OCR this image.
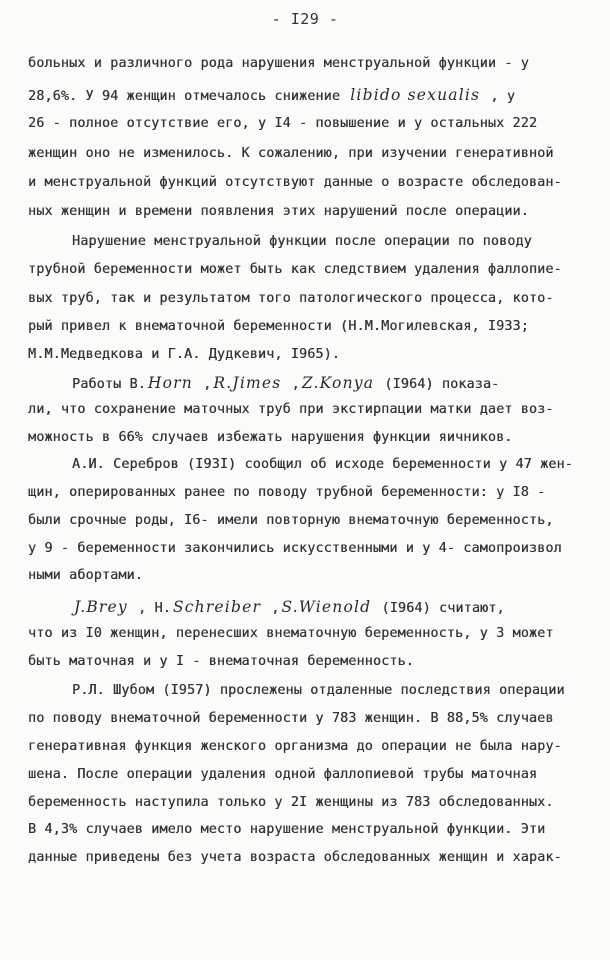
- I29 -
больных и различного рода нарушения менструальной функции - у
28,6%. У 94 женщин отмечалось снижение libido sexualis , у
26 - полное отсутствие его, у I4 - повышение и у остальных 222
женщин оно не изменилось. К сожалению, при изучении генеративной
и менструальной функций отсутствуют данные о возрасте обследован-
ных женщин и времени появления этих нарушений после операции.
Нарушение менструальной функции после операции по поводу
трубной беременности может быть как следствием удаления фаллопие-
вых труб, так и результатом того патологического процесса, кото-
рый привел к внематочной беременности (Н.М.Могилевская, I933;
М.М.Медведкова и Г.А. Дудкевич, I965).
Работы В. Horn , R.Jimes , Z.Konya (I964) показа-
ли, что сохранение маточных труб при экстирпации матки дает воз-
можность в 66% случаев избежать нарушения функции яичников.
А.И. Серебров (I93I) сообщил об исходе беременности у 47 жен-
щин, оперированных ранее по поводу трубной беременности: у I8 -
были срочные роды, I6- имели повторную внематочную беременность,
у 9 - беременности закончились искусственными и у 4- самопроизвол
ными абортами.
J.Brey , H. Schreiber , S.Wienold (I964) считают,
что из I0 женщин, перенесших внематочную беременность, у 3 может
быть маточная и у I - внематочная беременность.
Р.Л. Шубом (I957) прослежены отдаленные последствия операции
по поводу внематочной беременности у 783 женщин. В 88,5% случаев
генеративная функция женского организма до операции не была нару-
шена. После операции удаления одной фаллопиевой трубы маточная
беременность наступила только у 2I женщины из 783 обследованных.
В 4,3% случаев имело место нарушение менструальной функции. Эти
данные приведены без учета возраста обследованных женщин и харак-
